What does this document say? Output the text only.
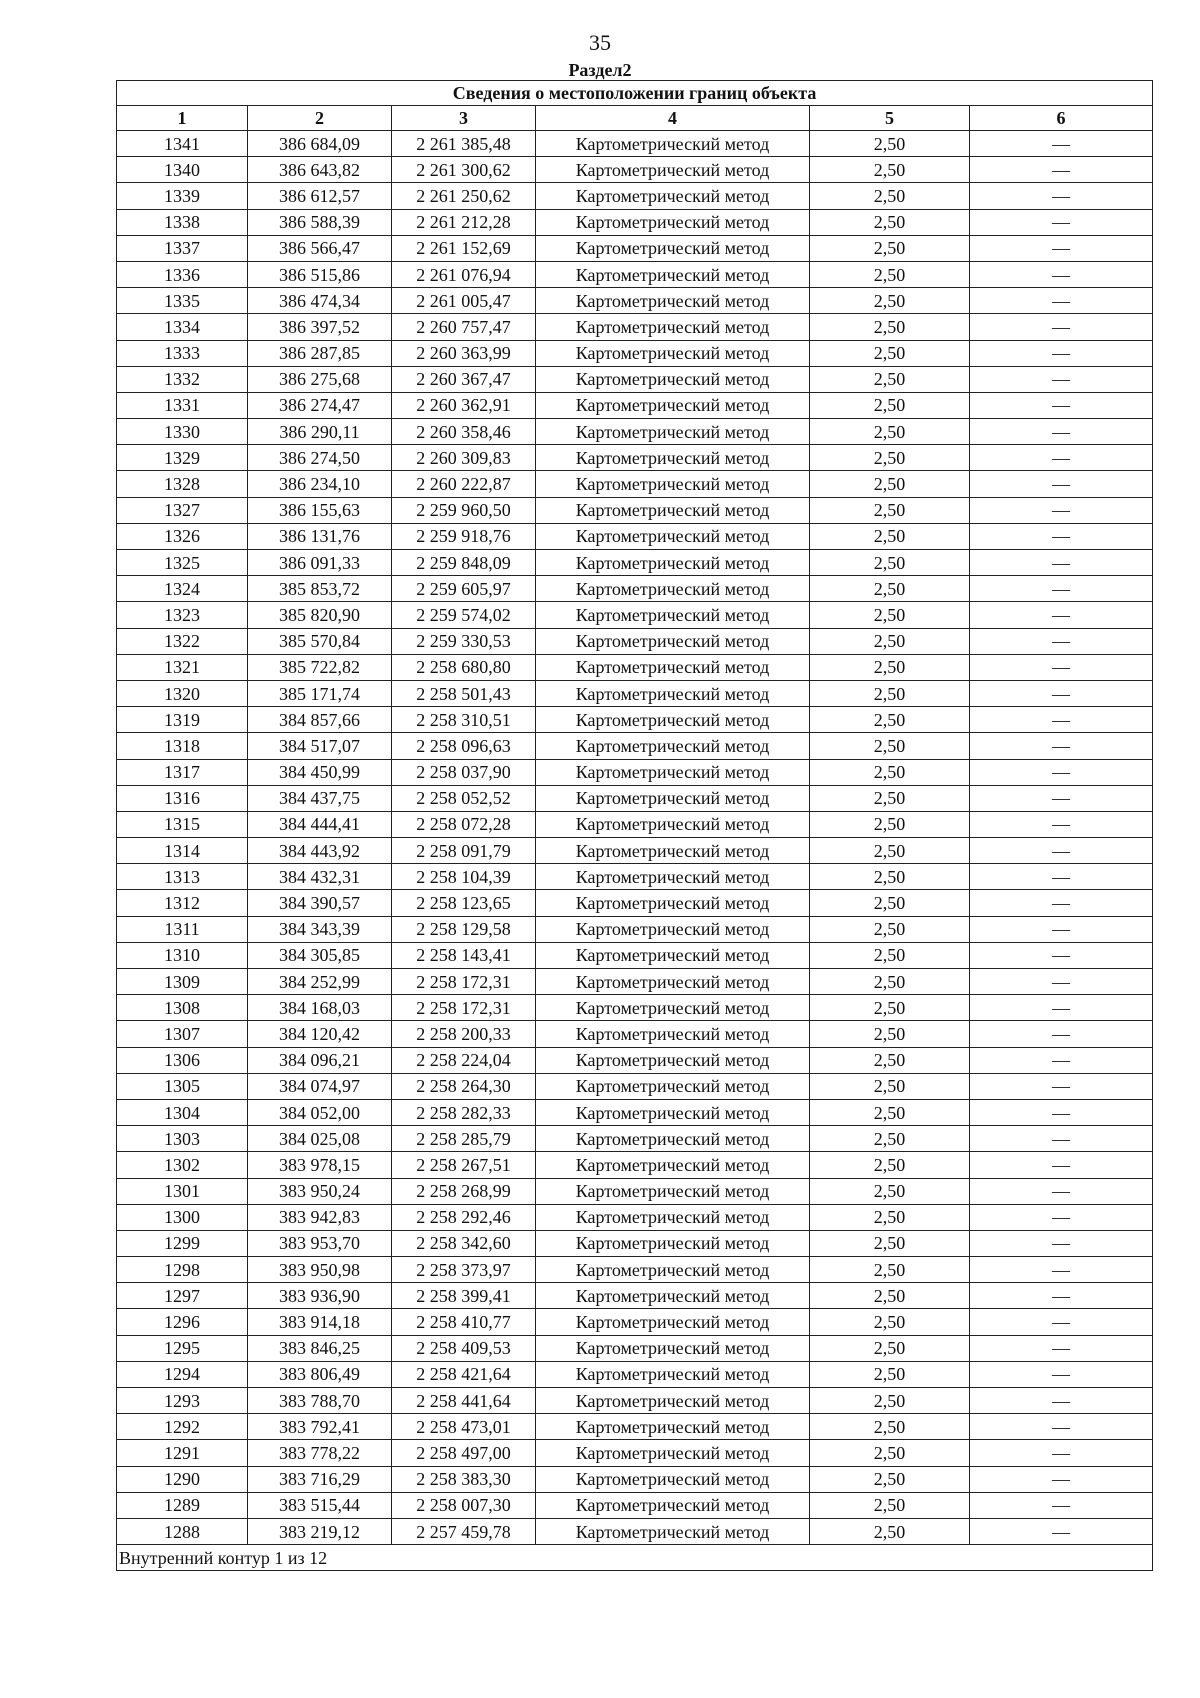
35
Раздел2
Сведения о местоположении границ объекта					
1	2	3	4	5	6
1341	386 684,09	2 261 385,48	Картометрический метод	2,50	—
1340	386 643,82	2 261 300,62	Картометрический метод	2,50	—
1339	386 612,57	2 261 250,62	Картометрический метод	2,50	—
1338	386 588,39	2 261 212,28	Картометрический метод	2,50	—
1337	386 566,47	2 261 152,69	Картометрический метод	2,50	—
1336	386 515,86	2 261 076,94	Картометрический метод	2,50	—
1335	386 474,34	2 261 005,47	Картометрический метод	2,50	—
1334	386 397,52	2 260 757,47	Картометрический метод	2,50	—
1333	386 287,85	2 260 363,99	Картометрический метод	2,50	—
1332	386 275,68	2 260 367,47	Картометрический метод	2,50	—
1331	386 274,47	2 260 362,91	Картометрический метод	2,50	—
1330	386 290,11	2 260 358,46	Картометрический метод	2,50	—
1329	386 274,50	2 260 309,83	Картометрический метод	2,50	—
1328	386 234,10	2 260 222,87	Картометрический метод	2,50	—
1327	386 155,63	2 259 960,50	Картометрический метод	2,50	—
1326	386 131,76	2 259 918,76	Картометрический метод	2,50	—
1325	386 091,33	2 259 848,09	Картометрический метод	2,50	—
1324	385 853,72	2 259 605,97	Картометрический метод	2,50	—
1323	385 820,90	2 259 574,02	Картометрический метод	2,50	—
1322	385 570,84	2 259 330,53	Картометрический метод	2,50	—
1321	385 722,82	2 258 680,80	Картометрический метод	2,50	—
1320	385 171,74	2 258 501,43	Картометрический метод	2,50	—
1319	384 857,66	2 258 310,51	Картометрический метод	2,50	—
1318	384 517,07	2 258 096,63	Картометрический метод	2,50	—
1317	384 450,99	2 258 037,90	Картометрический метод	2,50	—
1316	384 437,75	2 258 052,52	Картометрический метод	2,50	—
1315	384 444,41	2 258 072,28	Картометрический метод	2,50	—
1314	384 443,92	2 258 091,79	Картометрический метод	2,50	—
1313	384 432,31	2 258 104,39	Картометрический метод	2,50	—
1312	384 390,57	2 258 123,65	Картометрический метод	2,50	—
1311	384 343,39	2 258 129,58	Картометрический метод	2,50	—
1310	384 305,85	2 258 143,41	Картометрический метод	2,50	—
1309	384 252,99	2 258 172,31	Картометрический метод	2,50	—
1308	384 168,03	2 258 172,31	Картометрический метод	2,50	—
1307	384 120,42	2 258 200,33	Картометрический метод	2,50	—
1306	384 096,21	2 258 224,04	Картометрический метод	2,50	—
1305	384 074,97	2 258 264,30	Картометрический метод	2,50	—
1304	384 052,00	2 258 282,33	Картометрический метод	2,50	—
1303	384 025,08	2 258 285,79	Картометрический метод	2,50	—
1302	383 978,15	2 258 267,51	Картометрический метод	2,50	—
1301	383 950,24	2 258 268,99	Картометрический метод	2,50	—
1300	383 942,83	2 258 292,46	Картометрический метод	2,50	—
1299	383 953,70	2 258 342,60	Картометрический метод	2,50	—
1298	383 950,98	2 258 373,97	Картометрический метод	2,50	—
1297	383 936,90	2 258 399,41	Картометрический метод	2,50	—
1296	383 914,18	2 258 410,77	Картометрический метод	2,50	—
1295	383 846,25	2 258 409,53	Картометрический метод	2,50	—
1294	383 806,49	2 258 421,64	Картометрический метод	2,50	—
1293	383 788,70	2 258 441,64	Картометрический метод	2,50	—
1292	383 792,41	2 258 473,01	Картометрический метод	2,50	—
1291	383 778,22	2 258 497,00	Картометрический метод	2,50	—
1290	383 716,29	2 258 383,30	Картометрический метод	2,50	—
1289	383 515,44	2 258 007,30	Картометрический метод	2,50	—
1288	383 219,12	2 257 459,78	Картометрический метод	2,50	—
Внутренний контур 1 из 12					
